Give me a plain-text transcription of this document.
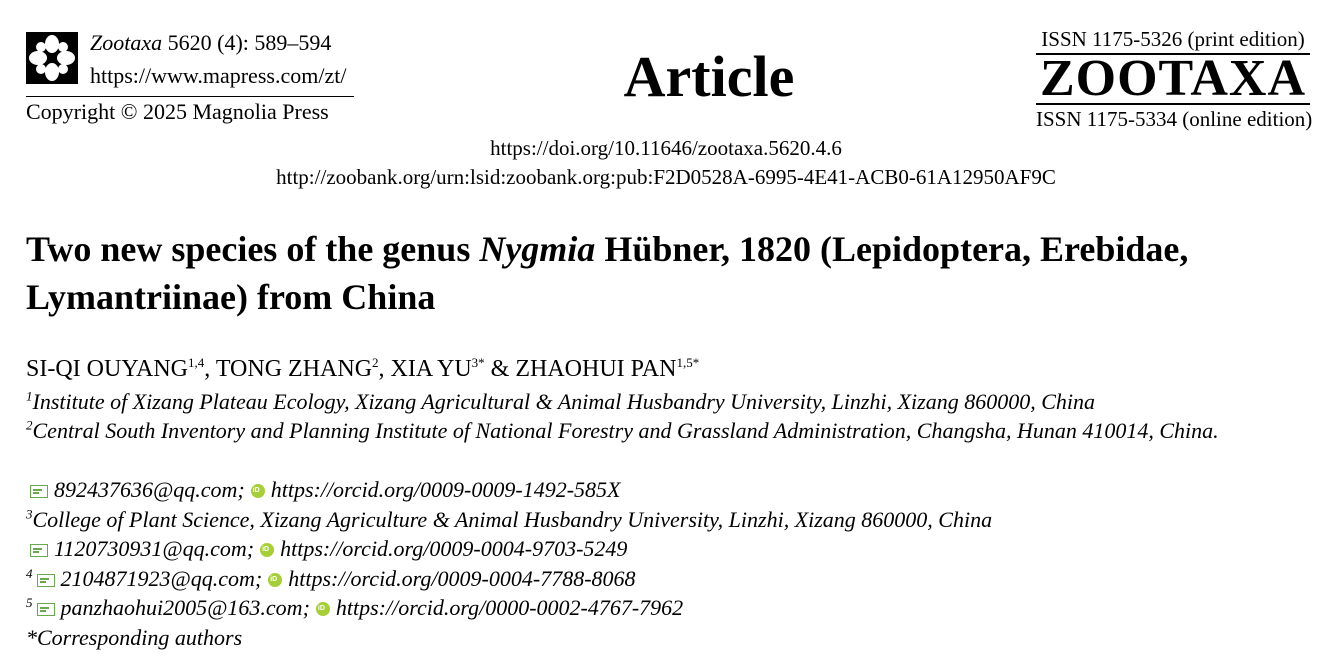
Zootaxa 5620 (4): 589–594
https://www.mapress.com/zt/
Copyright © 2025 Magnolia Press
Article
ISSN 1175-5326 (print edition)
ZOOTAXA
ISSN 1175-5334 (online edition)
https://doi.org/10.11646/zootaxa.5620.4.6
http://zoobank.org/urn:lsid:zoobank.org:pub:F2D0528A-6995-4E41-ACB0-61A12950AF9C
Two new species of the genus Nygmia Hübner, 1820 (Lepidoptera, Erebidae, Lymantriinae) from China
SI-QI OUYANG$^{1,4}$, TONG ZHANG$^2$, XIA $YU^{3*}$ & ZHAOHUI $PAN^{1,5*}$
$^1$Institute of Xizang Plateau Ecology, Xizang Agricultural & Animal Husbandry University, Linzhi, Xizang 860000, China
$^2$Central South Inventory and Planning Institute of National Forestry and Grassland Administration, Changsha, Hunan 410014, China.
892437636@qq.com; iD https://orcid.org/0009-0009-1492-585X
$^3$College of Plant Science, Xizang Agriculture & Animal Husbandry University, Linzhi, Xizang 860000, China
1120730931@qq.com; iD https://orcid.org/0009-0004-9703-5249
$^4$ 2104871923@qq.com; iD https://orcid.org/0009-0004-7788-8068
$^5$ panzhaohui2005@163.com; iD https://orcid.org/0000-0002-4767-7962
*Corresponding authors
